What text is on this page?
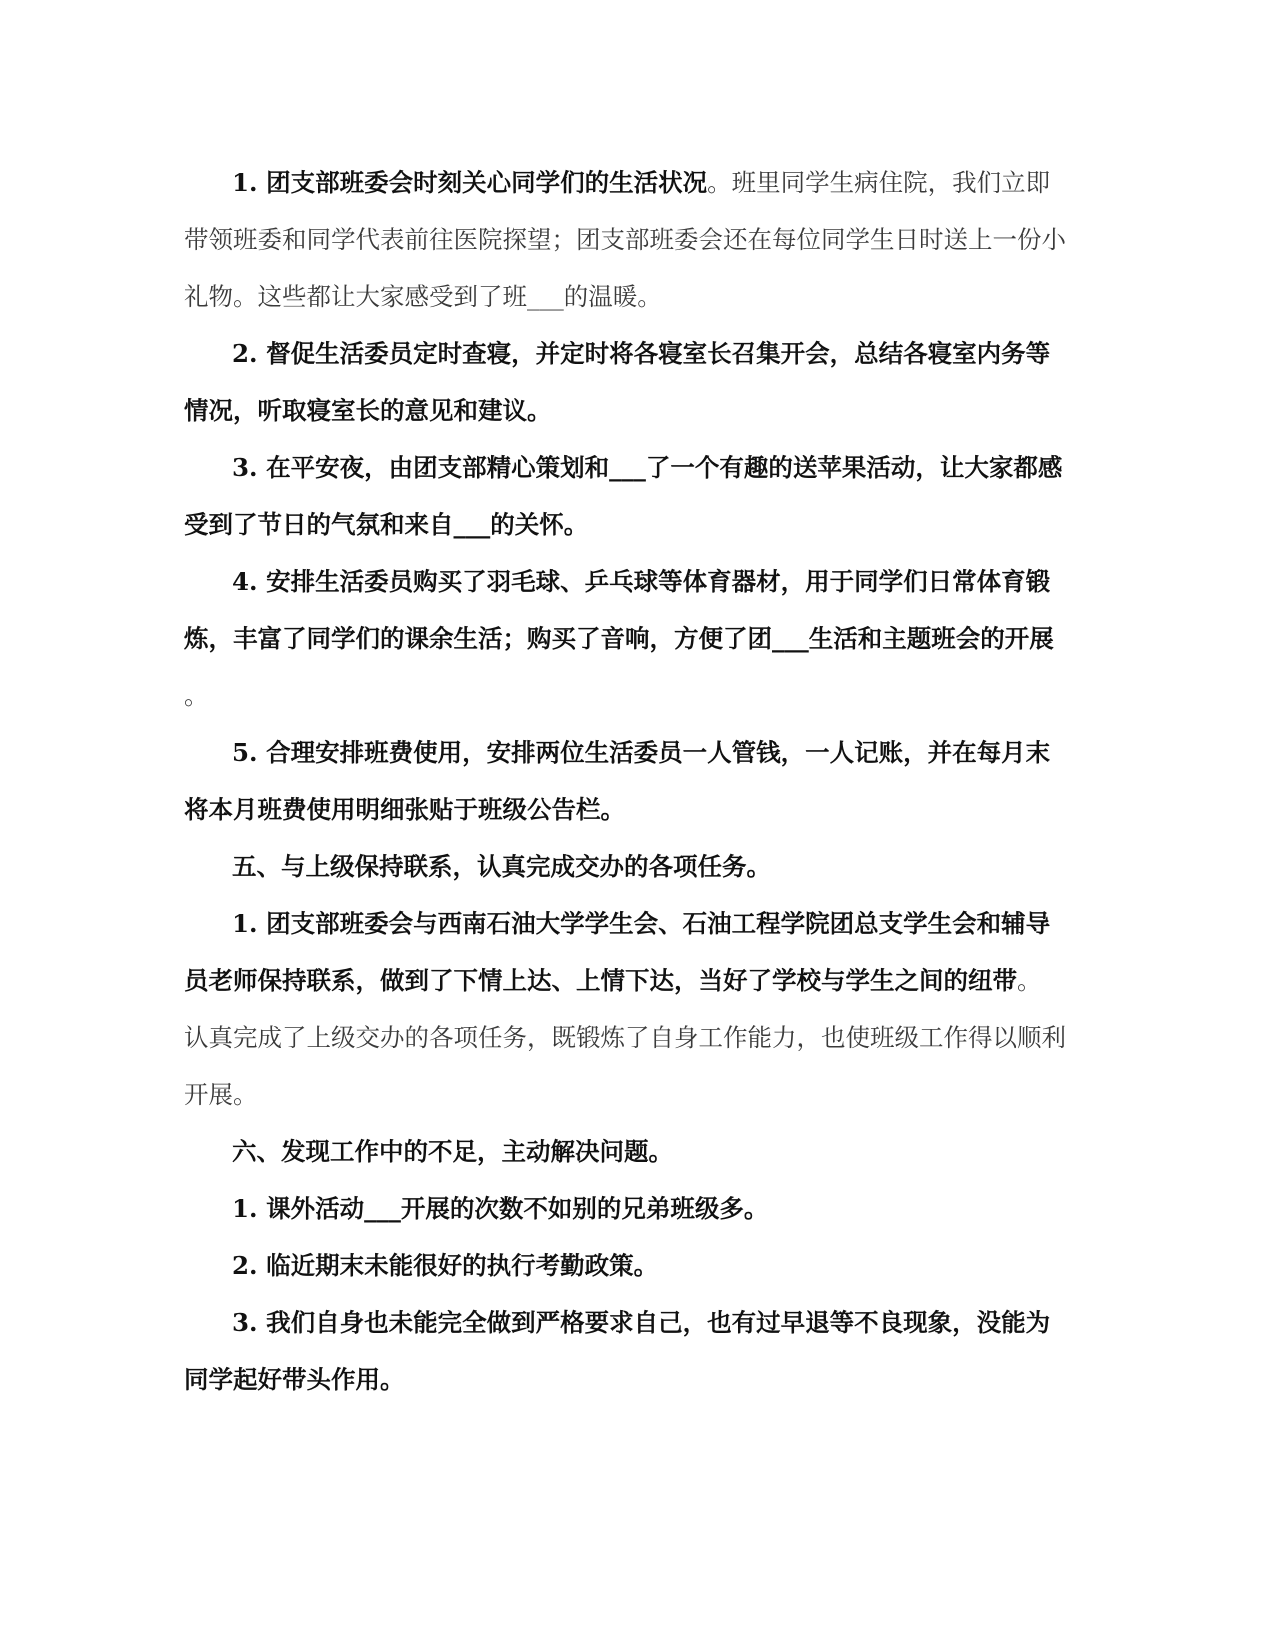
1. 团支部班委会时刻关心同学们的生活状况。班里同学生病住院，我们立即
带领班委和同学代表前往医院探望；团支部班委会还在每位同学生日时送上一份小
礼物。这些都让大家感受到了班___的温暖。
2. 督促生活委员定时查寝，并定时将各寝室长召集开会，总结各寝室内务等
情况，听取寝室长的意见和建议。
3. 在平安夜，由团支部精心策划和___了一个有趣的送苹果活动，让大家都感
受到了节日的气氛和来自___的关怀。
4. 安排生活委员购买了羽毛球、乒乓球等体育器材，用于同学们日常体育锻
炼，丰富了同学们的课余生活；购买了音响，方便了团___生活和主题班会的开展
。
5. 合理安排班费使用，安排两位生活委员一人管钱，一人记账，并在每月末
将本月班费使用明细张贴于班级公告栏。
五、与上级保持联系，认真完成交办的各项任务。
1. 团支部班委会与西南石油大学学生会、石油工程学院团总支学生会和辅导
员老师保持联系，做到了下情上达、上情下达，当好了学校与学生之间的纽带。
认真完成了上级交办的各项任务，既锻炼了自身工作能力，也使班级工作得以顺利
开展。
六、发现工作中的不足，主动解决问题。
1. 课外活动___开展的次数不如别的兄弟班级多。
2. 临近期末未能很好的执行考勤政策。
3. 我们自身也未能完全做到严格要求自己，也有过早退等不良现象，没能为
同学起好带头作用。
